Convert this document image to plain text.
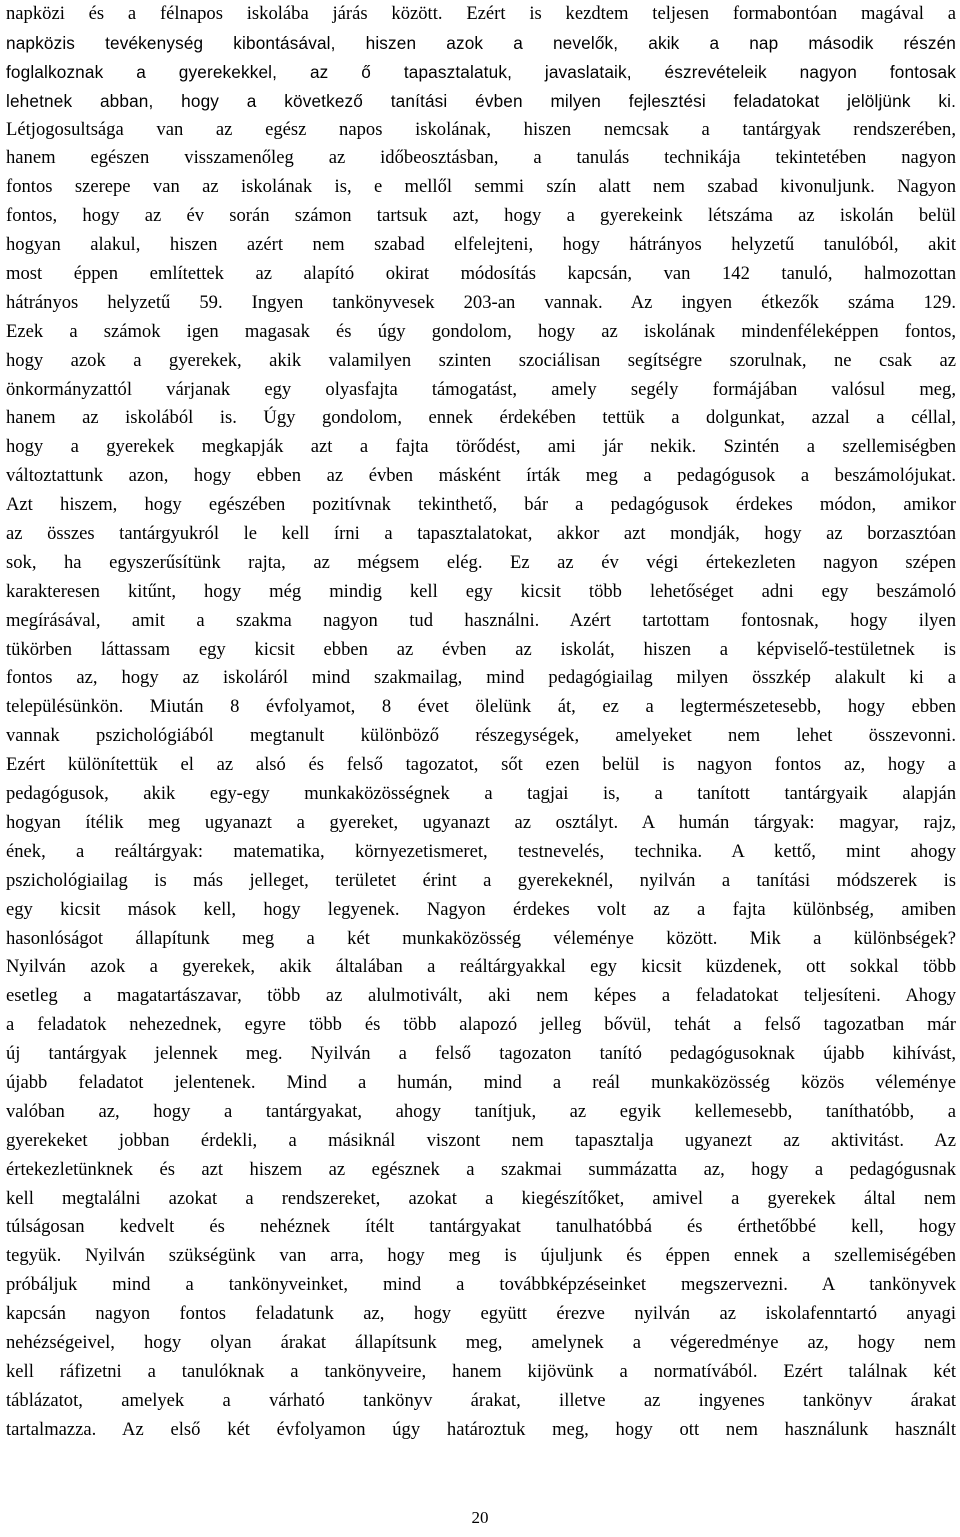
napközi és a félnapos iskolába járás között. Ezért is kezdtem teljesen formabontóan magával a
napközis tevékenység kibontásával, hiszen azok a nevelők, akik a nap második részén
foglalkoznak a gyerekekkel, az ő tapasztalatuk, javaslataik, észrevételeik nagyon fontosak
lehetnek abban, hogy a következő tanítási évben milyen fejlesztési feladatokat jelöljünk ki.
Létjogosultsága van az egész napos iskolának, hiszen nemcsak a tantárgyak rendszerében,
hanem egészen visszamenőleg az időbeosztásban, a tanulás technikája tekintetében nagyon
fontos szerepe van az iskolának is, e mellől semmi szín alatt nem szabad kivonuljunk. Nagyon
fontos, hogy az év során számon tartsuk azt, hogy a gyerekeink létszáma az iskolán belül
hogyan alakul, hiszen azért nem szabad elfelejteni, hogy hátrányos helyzetű tanulóból, akit
most éppen említettek az alapító okirat módosítás kapcsán, van 142 tanuló, halmozottan
hátrányos helyzetű 59. Ingyen tankönyvesek 203-an vannak. Az ingyen étkezők száma 129.
Ezek a számok igen magasak és úgy gondolom, hogy az iskolának mindenféleképpen fontos,
hogy azok a gyerekek, akik valamilyen szinten szociálisan segítségre szorulnak, ne csak az
önkormányzattól várjanak egy olyasfajta támogatást, amely segély formájában valósul meg,
hanem az iskolából is. Úgy gondolom, ennek érdekében tettük a dolgunkat, azzal a céllal,
hogy a gyerekek megkapják azt a fajta törődést, ami jár nekik. Szintén a szellemiségben
változtattunk azon, hogy ebben az évben másként írták meg a pedagógusok a beszámolójukat.
Azt hiszem, hogy egészében pozitívnak tekinthető, bár a pedagógusok érdekes módon, amikor
az összes tantárgyukról le kell írni a tapasztalatokat, akkor azt mondják, hogy az borzasztóan
sok, ha egyszerűsítünk rajta, az mégsem elég. Ez az év végi értekezleten nagyon szépen
karakteresen kitűnt, hogy még mindig kell egy kicsit több lehetőséget adni egy beszámoló
megírásával, amit a szakma nagyon tud használni. Azért tartottam fontosnak, hogy ilyen
tükörben láttassam egy kicsit ebben az évben az iskolát, hiszen a képviselő-testületnek is
fontos az, hogy az iskoláról mind szakmailag, mind pedagógiailag milyen összkép alakult ki a
településünkön. Miután 8 évfolyamot, 8 évet ölelünk át, ez a legtermészetesebb, hogy ebben
vannak pszichológiából megtanult különböző részegységek, amelyeket nem lehet összevonni.
Ezért különítettük el az alsó és felső tagozatot, sőt ezen belül is nagyon fontos az, hogy a
pedagógusok, akik egy-egy munkaközösségnek a tagjai is, a tanított tantárgyaik alapján
hogyan ítélik meg ugyanazt a gyereket, ugyanazt az osztályt. A humán tárgyak: magyar, rajz,
ének, a reáltárgyak: matematika, környezetismeret, testnevelés, technika. A kettő, mint ahogy
pszichológiailag is más jelleget, területet érint a gyerekeknél, nyilván a tanítási módszerek is
egy kicsit mások kell, hogy legyenek. Nagyon érdekes volt az a fajta különbség, amiben
hasonlóságot állapítunk meg a két munkaközösség véleménye között. Mik a különbségek?
Nyilván azok a gyerekek, akik általában a reáltárgyakkal egy kicsit küzdenek, ott sokkal több
esetleg a magatartászavar, több az alulmotivált, aki nem képes a feladatokat teljesíteni. Ahogy
a feladatok nehezednek, egyre több és több alapozó jelleg bővül, tehát a felső tagozatban már
új tantárgyak jelennek meg. Nyilván a felső tagozaton tanító pedagógusoknak újabb kihívást,
újabb feladatot jelentenek. Mind a humán, mind a reál munkaközösség közös véleménye
valóban az, hogy a tantárgyakat, ahogy tanítjuk, az egyik kellemesebb, taníthatóbb, a
gyerekeket jobban érdekli, a másiknál viszont nem tapasztalja ugyanezt az aktivitást. Az
értekezletünknek és azt hiszem az egésznek a szakmai summázatta az, hogy a pedagógusnak
kell megtalálni azokat a rendszereket, azokat a kiegészítőket, amivel a gyerekek által nem
túlságosan kedvelt és nehéznek ítélt tantárgyakat tanulhatóbbá és érthetőbbé kell, hogy
tegyük. Nyilván szükségünk van arra, hogy meg is újuljunk és éppen ennek a szellemiségében
próbáljuk mind a tankönyveinket, mind a továbbképzéseinket megszervezni. A tankönyvek
kapcsán nagyon fontos feladatunk az, hogy együtt érezve nyilván az iskolafenntartó anyagi
nehézségeivel, hogy olyan árakat állapítsunk meg, amelynek a végeredménye az, hogy nem
kell ráfizetni a tanulóknak a tankönyveire, hanem kijövünk a normatívából. Ezért találnak két
táblázatot, amelyek a várható tankönyv árakat, illetve az ingyenes tankönyv árakat
tartalmazza. Az első két évfolyamon úgy határoztuk meg, hogy ott nem használunk használt
20
